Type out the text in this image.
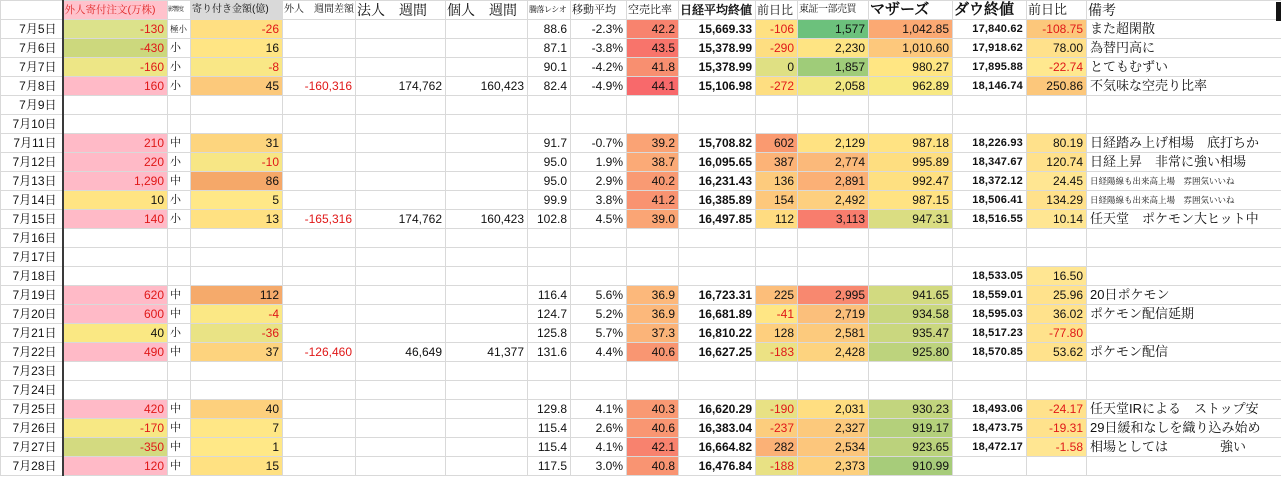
	外人寄付注文(万株)	影響度	寄り付き金額(億)	外人　週間差額	法人　週間	個人　週間	騰落レシオ	移動平均	空売比率	日経平均終値	前日比	東証一部売買	マザーズ	ダウ終値	前日比	備考
7月5日	-130	極小	-26				88.6	-2.3%	42.2	15,669.33	-106	1,577	1,042.85	17,840.62	-108.75	また超閑散
7月6日	-430	小	16				87.1	-3.8%	43.5	15,378.99	-290	2,230	1,010.60	17,918.62	78.00	為替円高に
7月7日	-160	小	-8				90.1	-4.2%	41.8	15,378.99	0	1,857	980.27	17,895.88	-22.74	とてもむずい
7月8日	160	小	45	-160,316	174,762	160,423	82.4	-4.9%	44.1	15,106.98	-272	2,058	962.89	18,146.74	250.86	不気味な空売り比率
7月9日																
7月10日																
7月11日	210	中	31				91.7	-0.7%	39.2	15,708.82	602	2,129	987.18	18,226.93	80.19	日経踏み上げ相場　底打ちか
7月12日	220	小	-10				95.0	1.9%	38.7	16,095.65	387	2,774	995.89	18,347.67	120.74	日経上昇　非常に強い相場
7月13日	1,290	中	86				95.0	2.9%	40.2	16,231.43	136	2,891	992.47	18,372.12	24.45	日経陽線も出来高上場　雰囲気いいね
7月14日	10	小	5				99.9	3.8%	41.2	16,385.89	154	2,492	987.15	18,506.41	134.29	日経陽線も出来高上場　雰囲気いいね
7月15日	140	小	13	-165,316	174,762	160,423	102.8	4.5%	39.0	16,497.85	112	3,113	947.31	18,516.55	10.14	任天堂　ポケモン大ヒット中
7月16日																
7月17日																
7月18日														18,533.05	16.50	
7月19日	620	中	112				116.4	5.6%	36.9	16,723.31	225	2,995	941.65	18,559.01	25.96	20日ポケモン
7月20日	600	中	-4				124.7	5.2%	36.9	16,681.89	-41	2,719	934.58	18,595.03	36.02	ポケモン配信延期
7月21日	40	小	-36				125.8	5.7%	37.3	16,810.22	128	2,581	935.47	18,517.23	-77.80	
7月22日	490	中	37	-126,460	46,649	41,377	131.6	4.4%	40.6	16,627.25	-183	2,428	925.80	18,570.85	53.62	ポケモン配信
7月23日																
7月24日																
7月25日	420	中	40				129.8	4.1%	40.3	16,620.29	-190	2,031	930.23	18,493.06	-24.17	任天堂IRによる　ストップ安
7月26日	-170	中	7				115.4	2.6%	40.6	16,383.04	-237	2,327	919.17	18,473.75	-19.31	29日緩和なしを織り込み始め
7月27日	-350	中	1				115.4	4.1%	42.1	16,664.82	282	2,534	923.65	18,472.17	-1.58	相場としては　　　　強い
7月28日	120	中	15				117.5	3.0%	40.8	16,476.84	-188	2,373	910.99			
